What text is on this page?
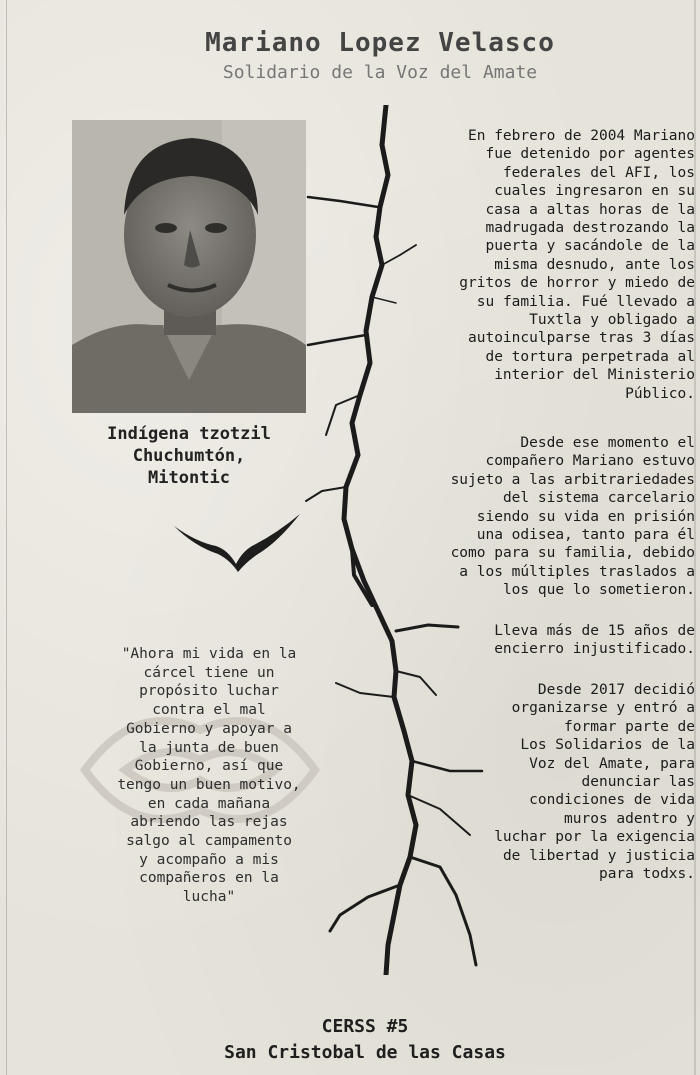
Mariano Lopez Velasco
Solidario de la Voz del Amate
Indígena tzotzil
Chuchumtón,
Mitontic
"Ahora mi vida en la
cárcel tiene un
propósito luchar
contra el mal
Gobierno y apoyar a
la junta de buen
Gobierno, así que
tengo un buen motivo,
en cada mañana
abriendo las rejas
salgo al campamento
y acompaño a mis
compañeros en la
lucha"
En febrero de 2004 Mariano
fue detenido por agentes
federales del AFI, los
cuales ingresaron en su
casa a altas horas de la
madrugada destrozando la
puerta y sacándole de la
misma desnudo, ante los
gritos de horror y miedo de
su familia. Fué llevado a
Tuxtla y obligado a
autoinculparse tras 3 días
de tortura perpetrada al
interior del Ministerio
Público.
Desde ese momento el
compañero Mariano estuvo
sujeto a las arbitrariedades
del sistema carcelario
siendo su vida en prisión
una odisea, tanto para él
como para su familia, debido
a los múltiples traslados a
los que lo sometieron.
Lleva más de 15 años de
encierro injustificado.
Desde 2017 decidió
organizarse y entró a
formar parte de
Los Solidarios de la
Voz del Amate, para
denunciar las
condiciones de vida
muros adentro y
luchar por la exigencia
de libertad y justicia
para todxs.
CERSS #5
San Cristobal de las Casas
